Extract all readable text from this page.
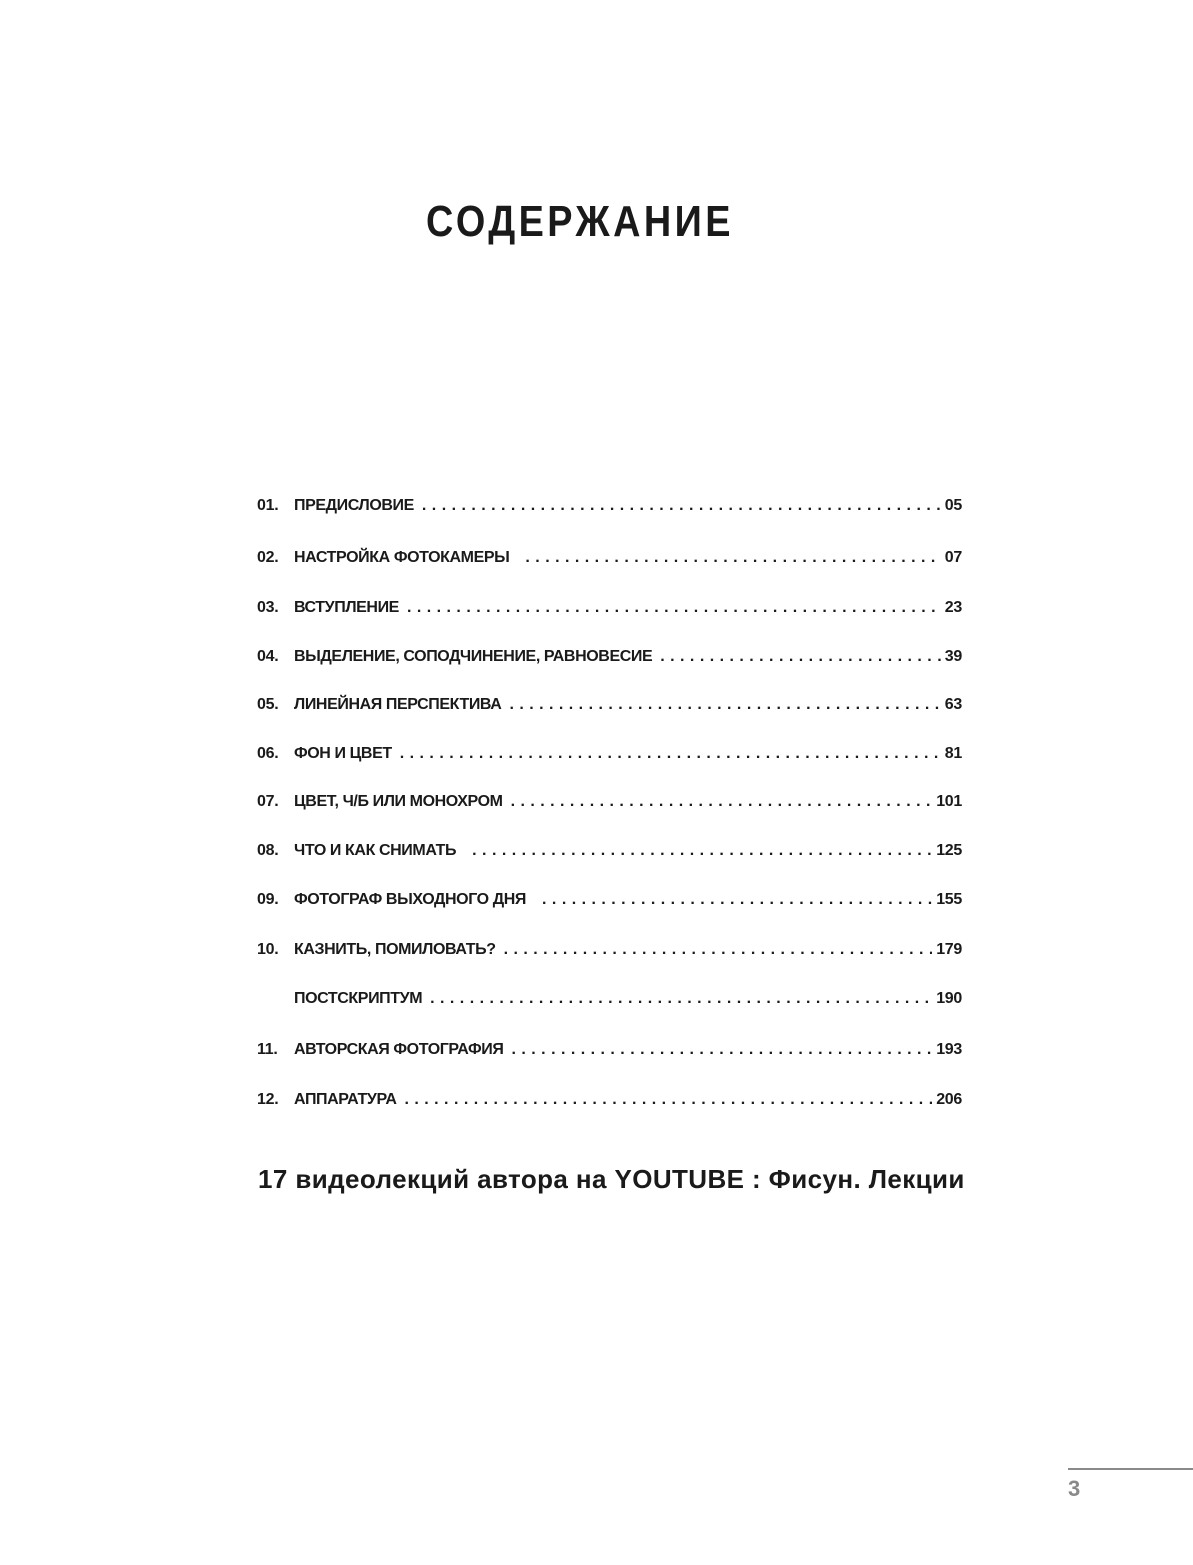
СОДЕРЖАНИЕ
01. ПРЕДИСЛОВИЕ . . .	05
02. НАСТРОЙКА ФОТОКАМЕРЫ . . .	07
03. ВСТУПЛЕНИЕ . . .	23
04. ВЫДЕЛЕНИЕ, СОПОДЧИНЕНИЕ, РАВНОВЕСИЕ . . .	39
05. ЛИНЕЙНАЯ ПЕРСПЕКТИВА . . .	63
06. ФОН И ЦВЕТ . . .	81
07. ЦВЕТ, Ч/Б ИЛИ МОНОХРОМ . . .	101
08. ЧТО И КАК СНИМАТЬ . . .	125
09. ФОТОГРАФ ВЫХОДНОГО ДНЯ . . .	155
10. КАЗНИТЬ, ПОМИЛОВАТЬ? . . .	179
ПОСТСКРИПТУМ . . .	190
11.	АВТОРСКАЯ ФОТОГРАФИЯ . . .	193
12. АППАРАТУРА . . .	206
17 видеолекций автора на YOUTUBE : Фисун. Лекции
3
